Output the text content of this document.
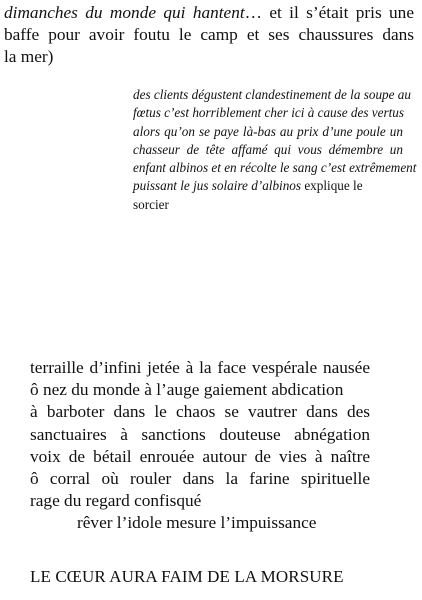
dimanches du monde qui hantent… et il s’était pris une
baffe pour avoir foutu le camp et ses chaussures dans
la mer)
des clients dégustent clandestinement de la soupe au
fœtus c’est horriblement cher ici à cause des vertus
alors qu’on se paye là-bas au prix d’une poule un
chasseur de tête affamé qui vous démembre un
enfant albinos et en récolte le sang c’est extrêmement
puissant le jus solaire d’albinos explique le
sorcier
terraille d’infini jetée à la face vespérale nausée
ô nez du monde à l’auge gaiement abdication
à barboter dans le chaos se vautrer dans des
sanctuaires à sanctions douteuse abnégation
voix de bétail enrouée autour de vies à naître
ô corral où rouler dans la farine spirituelle
rage du regard confisqué
rêver l’idole mesure l’impuissance
LE CŒUR AURA FAIM DE LA MORSURE
